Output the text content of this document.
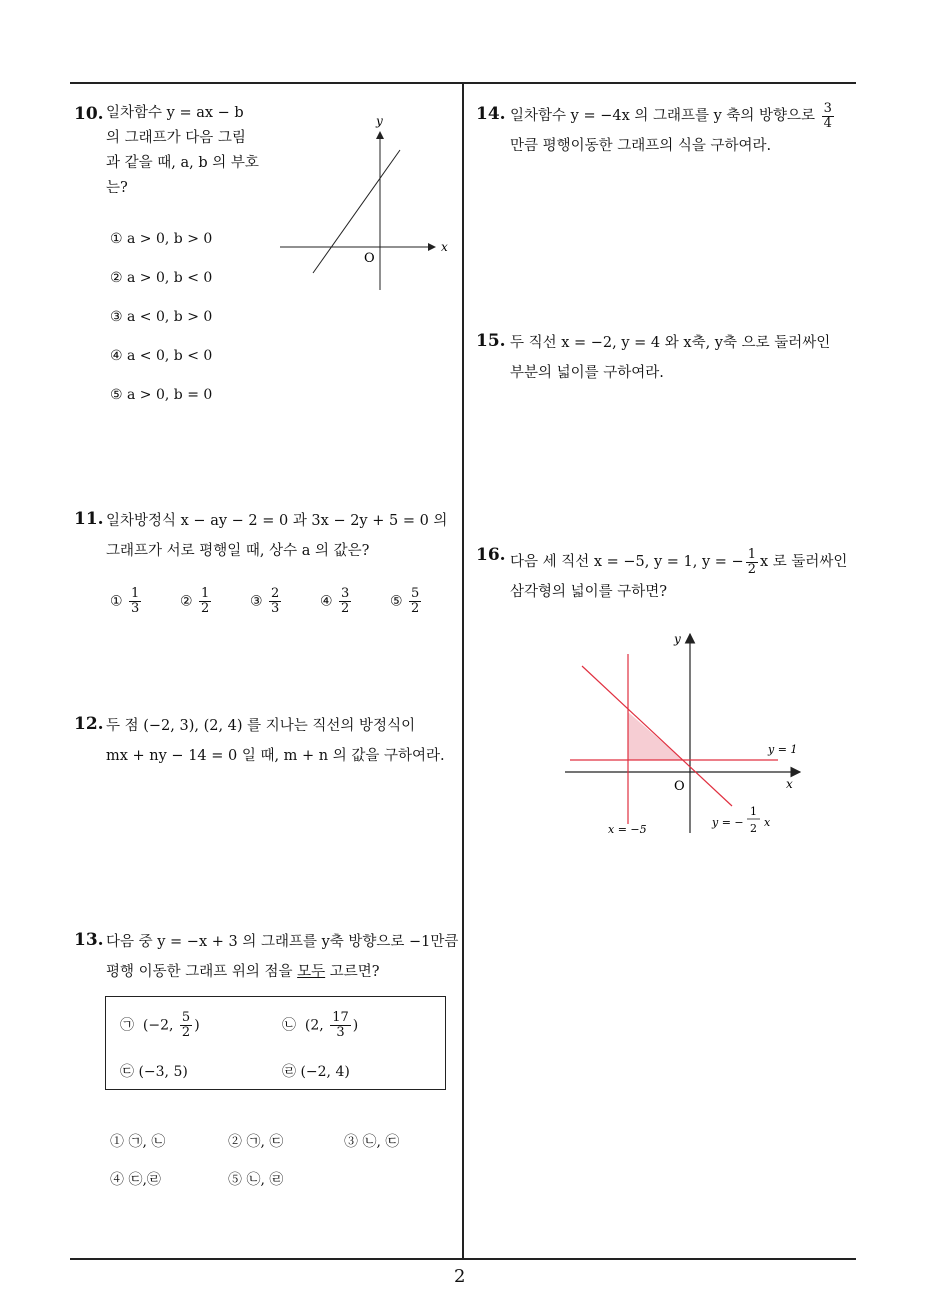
2
10. 일차함수 y = ax − b
의 그래프가 다음 그림
과 같을 때, a, b 의 부호
는?
① a > 0, b > 0
② a > 0, b < 0
③ a < 0, b > 0
④ a < 0, b < 0
⑤ a > 0, b = 0
x
y
O
11. 일차방정식 x − ay − 2 = 0 과 3x − 2y + 5 = 0 의
그래프가 서로 평행일 때, 상수 a 의 값은?
① $\frac{1}{3}$	② $\frac{1}{2}$	③ $\frac{2}{3}$	④ $\frac{3}{2}$	⑤ $\frac{5}{2}$
12. 두 점 (−2, 3), (2, 4) 를 지나는 직선의 방정식이
mx + ny − 14 = 0 일 때, m + n 의 값을 구하여라.
13. 다음 중 y = −x + 3 의 그래프를 y축 방향으로 −1만큼
평행 이동한 그래프 위의 점을 모두 고르면?
㉠ (−2, $\frac{5}{2}$ )	㉡ (2, $\frac{17}{3}$ )
㉢ (−3, 5)	㉣ (−2, 4)
① ㉠, ㉡	② ㉠, ㉢	③ ㉡, ㉢
④ ㉢,㉣	⑤ ㉡, ㉣
14. 일차함수 y = −4x 의 그래프를 y 축의 방향으로 $\frac{3}{4}$
만큼 평행이동한 그래프의 식을 구하여라.
15. 두 직선 x = −2, y = 4 와 x축, y축 으로 둘러싸인
부분의 넓이를 구하여라.
16. 다음 세 직선 x = −5, y = 1, y = − $\frac{1}{2}$ x 로 둘러싸인
삼각형의 넓이를 구하면?
y
x
O
y = 1
x = −5
y = −
1
2 x
